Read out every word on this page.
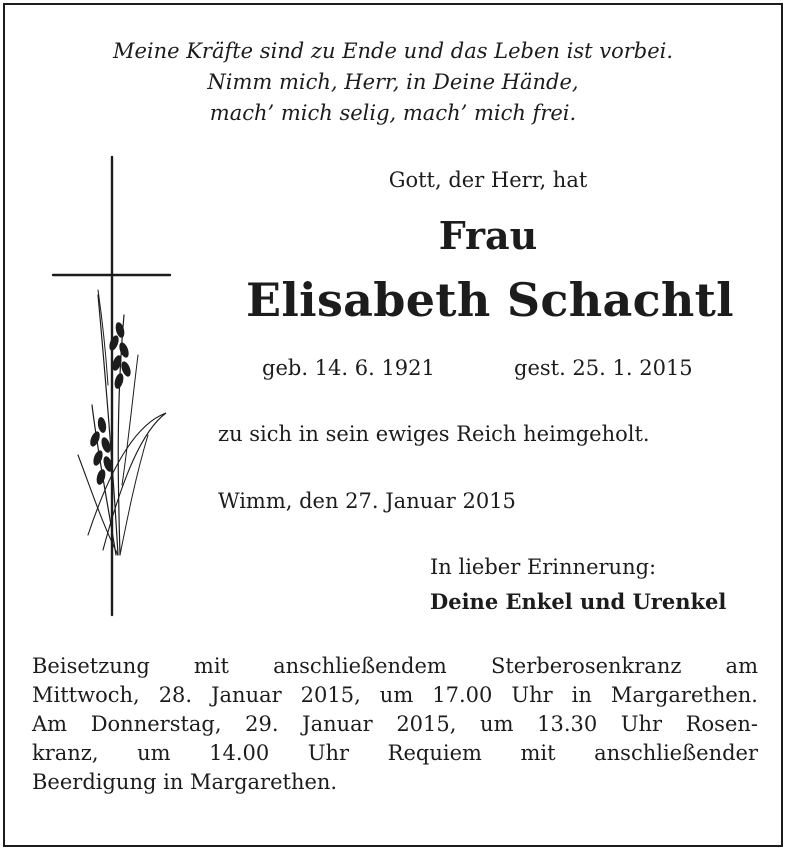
Meine Kräfte sind zu Ende und das Leben ist vorbei.
Nimm mich, Herr, in Deine Hände,
mach’ mich selig, mach’ mich frei.
Gott, der Herr, hat
Frau
Elisabeth Schachtl
geb. 14. 6. 1921	gest. 25. 1. 2015
zu sich in sein ewiges Reich heimgeholt.
Wimm, den 27. Januar 2015
In lieber Erinnerung:
Deine Enkel und Urenkel

Beisetzung mit anschließendem Sterberosenkranz am
Mittwoch, 28. Januar 2015, um 17.00 Uhr in Margarethen.
Am Donnerstag, 29. Januar 2015, um 13.30 Uhr Rosen-
kranz, um 14.00 Uhr Requiem mit anschließender
Beerdigung in Margarethen.
